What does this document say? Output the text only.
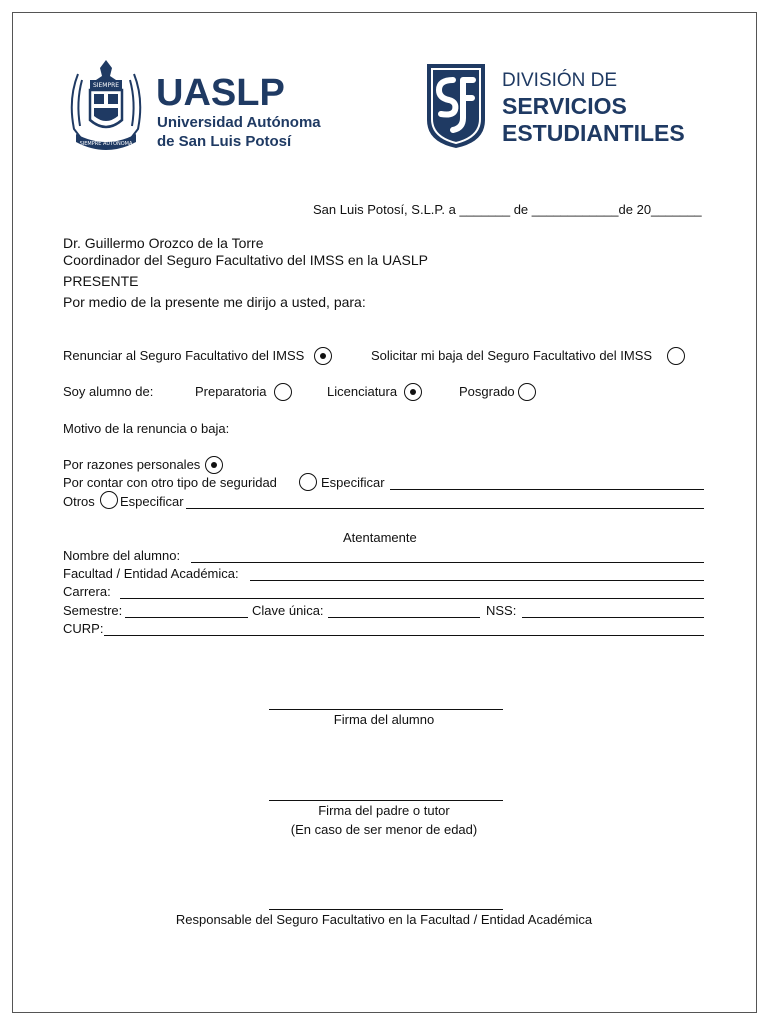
SIEMPRE
SIEMPRE AUTÓNOMA
UASLP
Universidad Autónoma
de San Luis Potosí
DIVISIÓN DE
SERVICIOS
ESTUDIANTILES
San Luis Potosí, S.L.P. a _______ de ____________de 20_______
Dr. Guillermo Orozco de la Torre
Coordinador del Seguro Facultativo del IMSS en la UASLP
PRESENTE
Por medio de la presente me dirijo a usted, para:
Renunciar al Seguro Facultativo del IMSS	Solicitar mi baja del Seguro Facultativo del IMSS
Soy alumno de:	Preparatoria	Licenciatura	Posgrado
Motivo de la renuncia o baja:
Por razones personales
Por contar con otro tipo de seguridad	Especificar
Otros Especificar
Atentamente
Nombre del alumno:
Facultad / Entidad Académica:
Carrera:
Semestre:	Clave única:	NSS:
CURP:
Firma del alumno
Firma del padre o tutor
(En caso de ser menor de edad)
Responsable del Seguro Facultativo en la Facultad / Entidad Académica
